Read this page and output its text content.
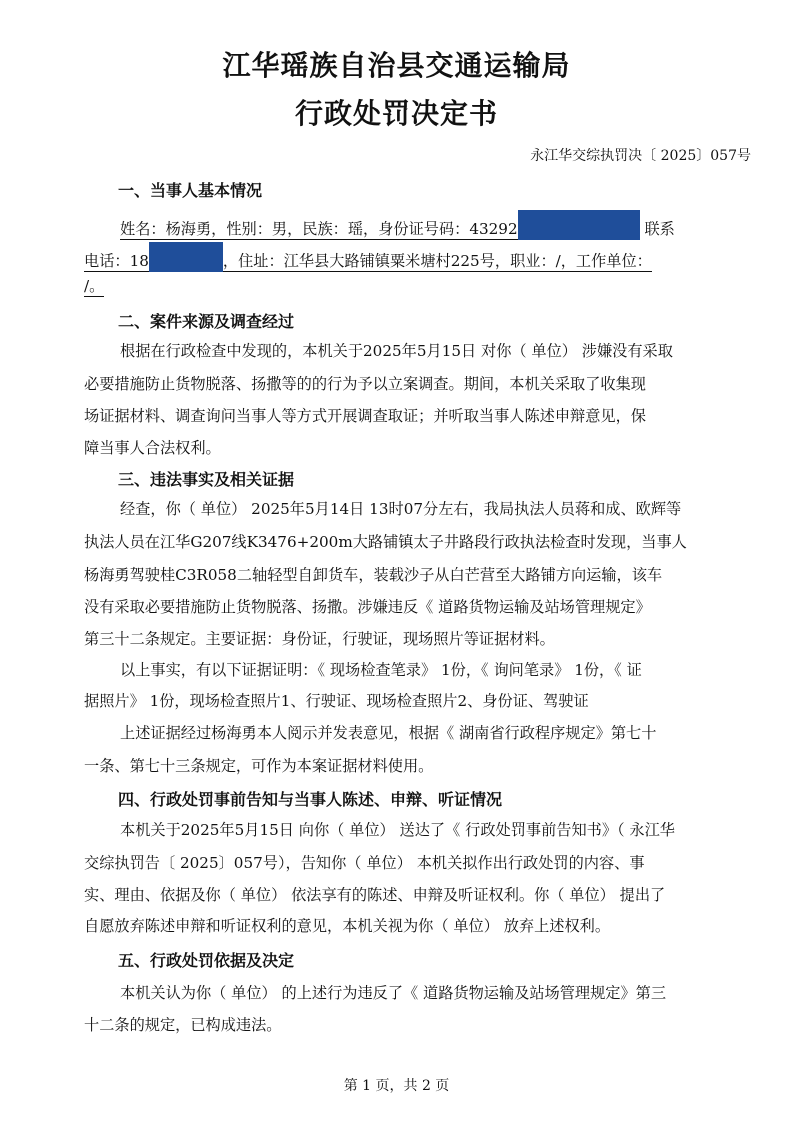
江华瑶族自治县交通运输局
行政处罚决定书
永江华交综执罚决〔 2025〕057号
一、当事人基本情况
姓名：杨海勇，性别：男，民族：瑶，身份证号码：43292	联系
电话：18	，住址：江华县大路铺镇粟米塘村225号，职业：/，工作单位：
/。
二、案件来源及调查经过
根据在行政检查中发现的，本机关于2025年5月15日 对你（ 单位） 涉嫌没有采取
必要措施防止货物脱落、扬撒等的的行为予以立案调查。期间，本机关采取了收集现
场证据材料、调查询问当事人等方式开展调查取证；并听取当事人陈述申辩意见，保
障当事人合法权利。
三、违法事实及相关证据
经查，你（ 单位） 2025年5月14日 13时07分左右，我局执法人员蒋和成、欧辉等
执法人员在江华G207线K3476+200m大路铺镇太子井路段行政执法检查时发现，当事人
杨海勇驾驶桂C3R058二轴轻型自卸货车，装载沙子从白芒营至大路铺方向运输，该车
没有采取必要措施防止货物脱落、扬撒。涉嫌违反《 道路货物运输及站场管理规定》
第三十二条规定。主要证据：身份证，行驶证，现场照片等证据材料。
以上事实，有以下证据证明：《 现场检查笔录》 1份，《 询问笔录》 1份，《 证
据照片》 1份，现场检查照片1、行驶证、现场检查照片2、身份证、驾驶证
上述证据经过杨海勇本人阅示并发表意见，根据《 湖南省行政程序规定》第七十
一条、第七十三条规定，可作为本案证据材料使用。
四、行政处罚事前告知与当事人陈述、申辩、听证情况
本机关于2025年5月15日 向你（ 单位） 送达了《 行政处罚事前告知书》（ 永江华
交综执罚告〔 2025〕057号），告知你（ 单位） 本机关拟作出行政处罚的内容、事
实、理由、依据及你（ 单位） 依法享有的陈述、申辩及听证权利。你（ 单位） 提出了
自愿放弃陈述申辩和听证权利的意见，本机关视为你（ 单位） 放弃上述权利。
五、行政处罚依据及决定
本机关认为你（ 单位） 的上述行为违反了《 道路货物运输及站场管理规定》第三
十二条的规定，已构成违法。
第 1 页，共 2 页
